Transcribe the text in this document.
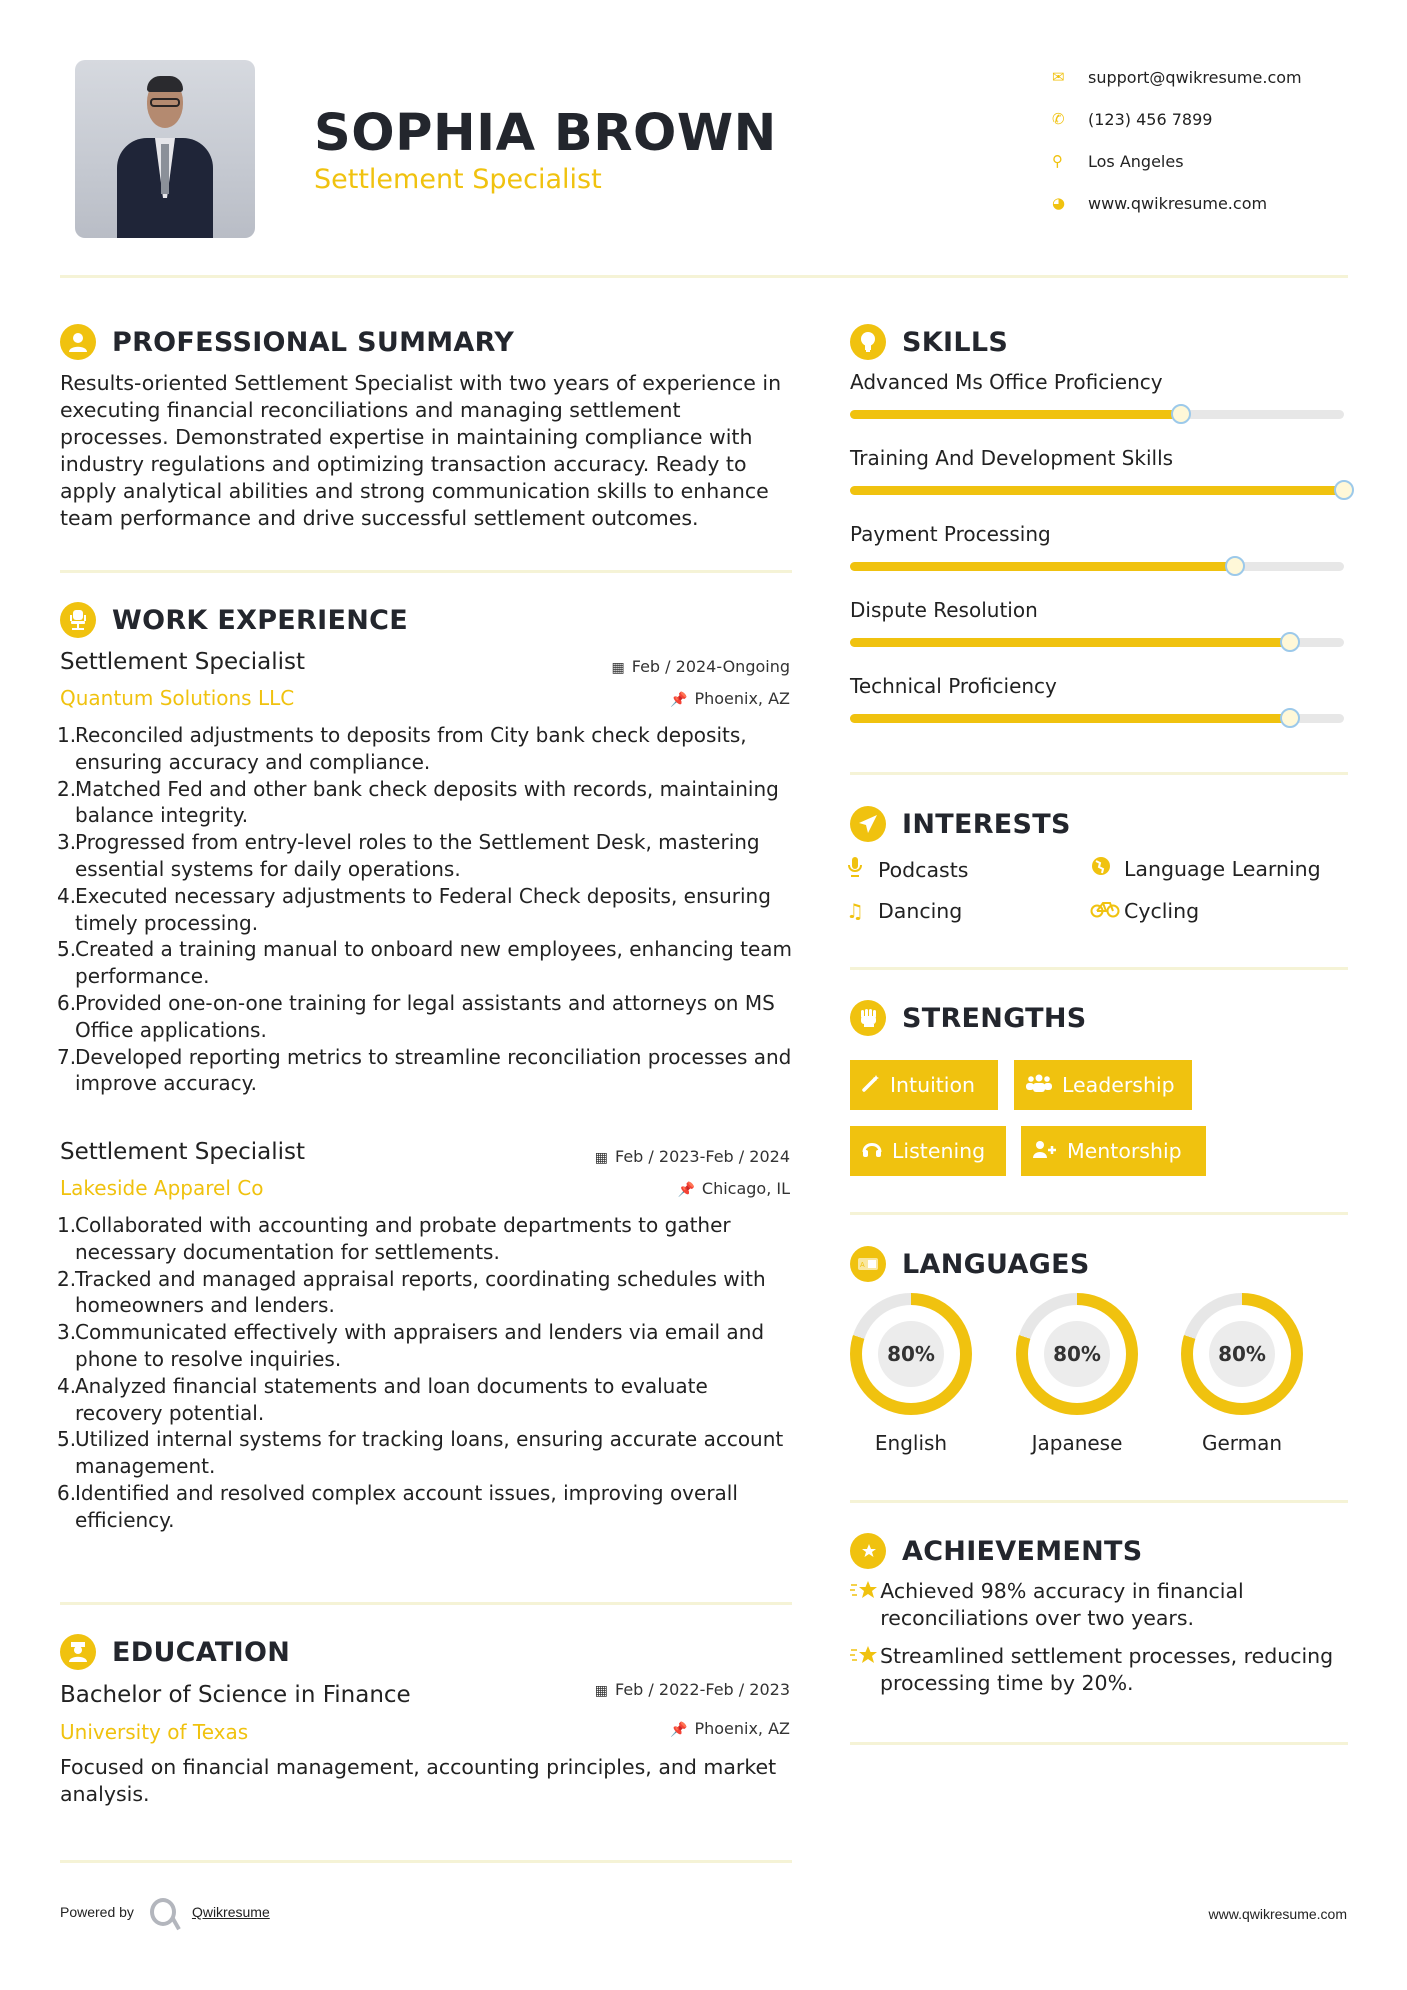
SOPHIA BROWN
Settlement Specialist
✉	support@qwikresume.com
✆	(123) 456 7899
⚲	Los Angeles
◕	www.qwikresume.com
PROFESSIONAL SUMMARY
Results-oriented Settlement Specialist with two years of experience in executing financial reconciliations and managing settlement processes. Demonstrated expertise in maintaining compliance with industry regulations and optimizing transaction accuracy. Ready to apply analytical abilities and strong communication skills to enhance team performance and drive successful settlement outcomes.
WORK EXPERIENCE
Settlement Specialist	▦ Feb / 2024-Ongoing
Quantum Solutions LLC	📌 Phoenix, AZ
1.
Reconciled adjustments to deposits from City bank check deposits, ensuring accuracy and compliance.
2.
Matched Fed and other bank check deposits with records, maintaining balance integrity.
3.
Progressed from entry-level roles to the Settlement Desk, mastering essential systems for daily operations.
4.
Executed necessary adjustments to Federal Check deposits, ensuring timely processing.
5.
Created a training manual to onboard new employees, enhancing team performance.
6.
Provided one-on-one training for legal assistants and attorneys on MS Office applications.
7.
Developed reporting metrics to streamline reconciliation processes and improve accuracy.
Settlement Specialist	▦ Feb / 2023-Feb / 2024
Lakeside Apparel Co	📌 Chicago, IL
1.
Collaborated with accounting and probate departments to gather necessary documentation for settlements.
2.
Tracked and managed appraisal reports, coordinating schedules with homeowners and lenders.
3.
Communicated effectively with appraisers and lenders via email and phone to resolve inquiries.
4.
Analyzed financial statements and loan documents to evaluate recovery potential.
5.
Utilized internal systems for tracking loans, ensuring accurate account management.
6.
Identified and resolved complex account issues, improving overall efficiency.
EDUCATION
Bachelor of Science in Finance	▦ Feb / 2022-Feb / 2023
University of Texas	📌 Phoenix, AZ
Focused on financial management, accounting principles, and market analysis.
SKILLS
Advanced Ms Office Proficiency
Training And Development Skills
Payment Processing
Dispute Resolution
Technical Proficiency
INTERESTS
Podcasts	Language Learning
♫ Dancing	Cycling
STRENGTHS
Intuition	Leadership
Listening	Mentorship
A LANGUAGES
80%
English
80%
Japanese
80%
German
ACHIEVEMENTS
Achieved 98% accuracy in financial reconciliations over two years.
Streamlined settlement processes, reducing processing time by 20%.
Powered by	Qwikresume	www.qwikresume.com
